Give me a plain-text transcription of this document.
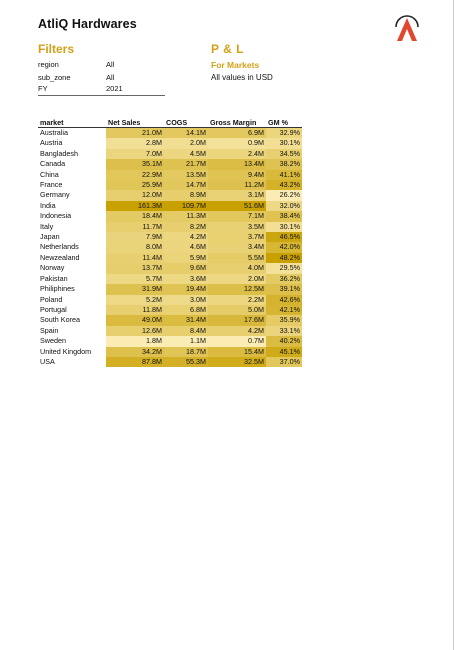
AtliQ Hardwares
Filters
region	All
sub_zone	All
FY	2021
P & L
For Markets
All values in USD
market	Net Sales	COGS	Gross Margin	GM %
Australia	21.0M	14.1M	6.9M	32.9%
Austria	2.8M	2.0M	0.9M	30.1%
Bangladesh	7.0M	4.5M	2.4M	34.5%
Canada	35.1M	21.7M	13.4M	38.2%
China	22.9M	13.5M	9.4M	41.1%
France	25.9M	14.7M	11.2M	43.2%
Germany	12.0M	8.9M	3.1M	26.2%
India	161.3M	109.7M	51.6M	32.0%
Indonesia	18.4M	11.3M	7.1M	38.4%
Italy	11.7M	8.2M	3.5M	30.1%
Japan	7.9M	4.2M	3.7M	46.5%
Netherlands	8.0M	4.6M	3.4M	42.0%
Newzealand	11.4M	5.9M	5.5M	48.2%
Norway	13.7M	9.6M	4.0M	29.5%
Pakistan	5.7M	3.6M	2.0M	36.2%
Philiphines	31.9M	19.4M	12.5M	39.1%
Poland	5.2M	3.0M	2.2M	42.6%
Portugal	11.8M	6.8M	5.0M	42.1%
South Korea	49.0M	31.4M	17.6M	35.9%
Spain	12.6M	8.4M	4.2M	33.1%
Sweden	1.8M	1.1M	0.7M	40.2%
United Kingdom	34.2M	18.7M	15.4M	45.1%
USA	87.8M	55.3M	32.5M	37.0%
